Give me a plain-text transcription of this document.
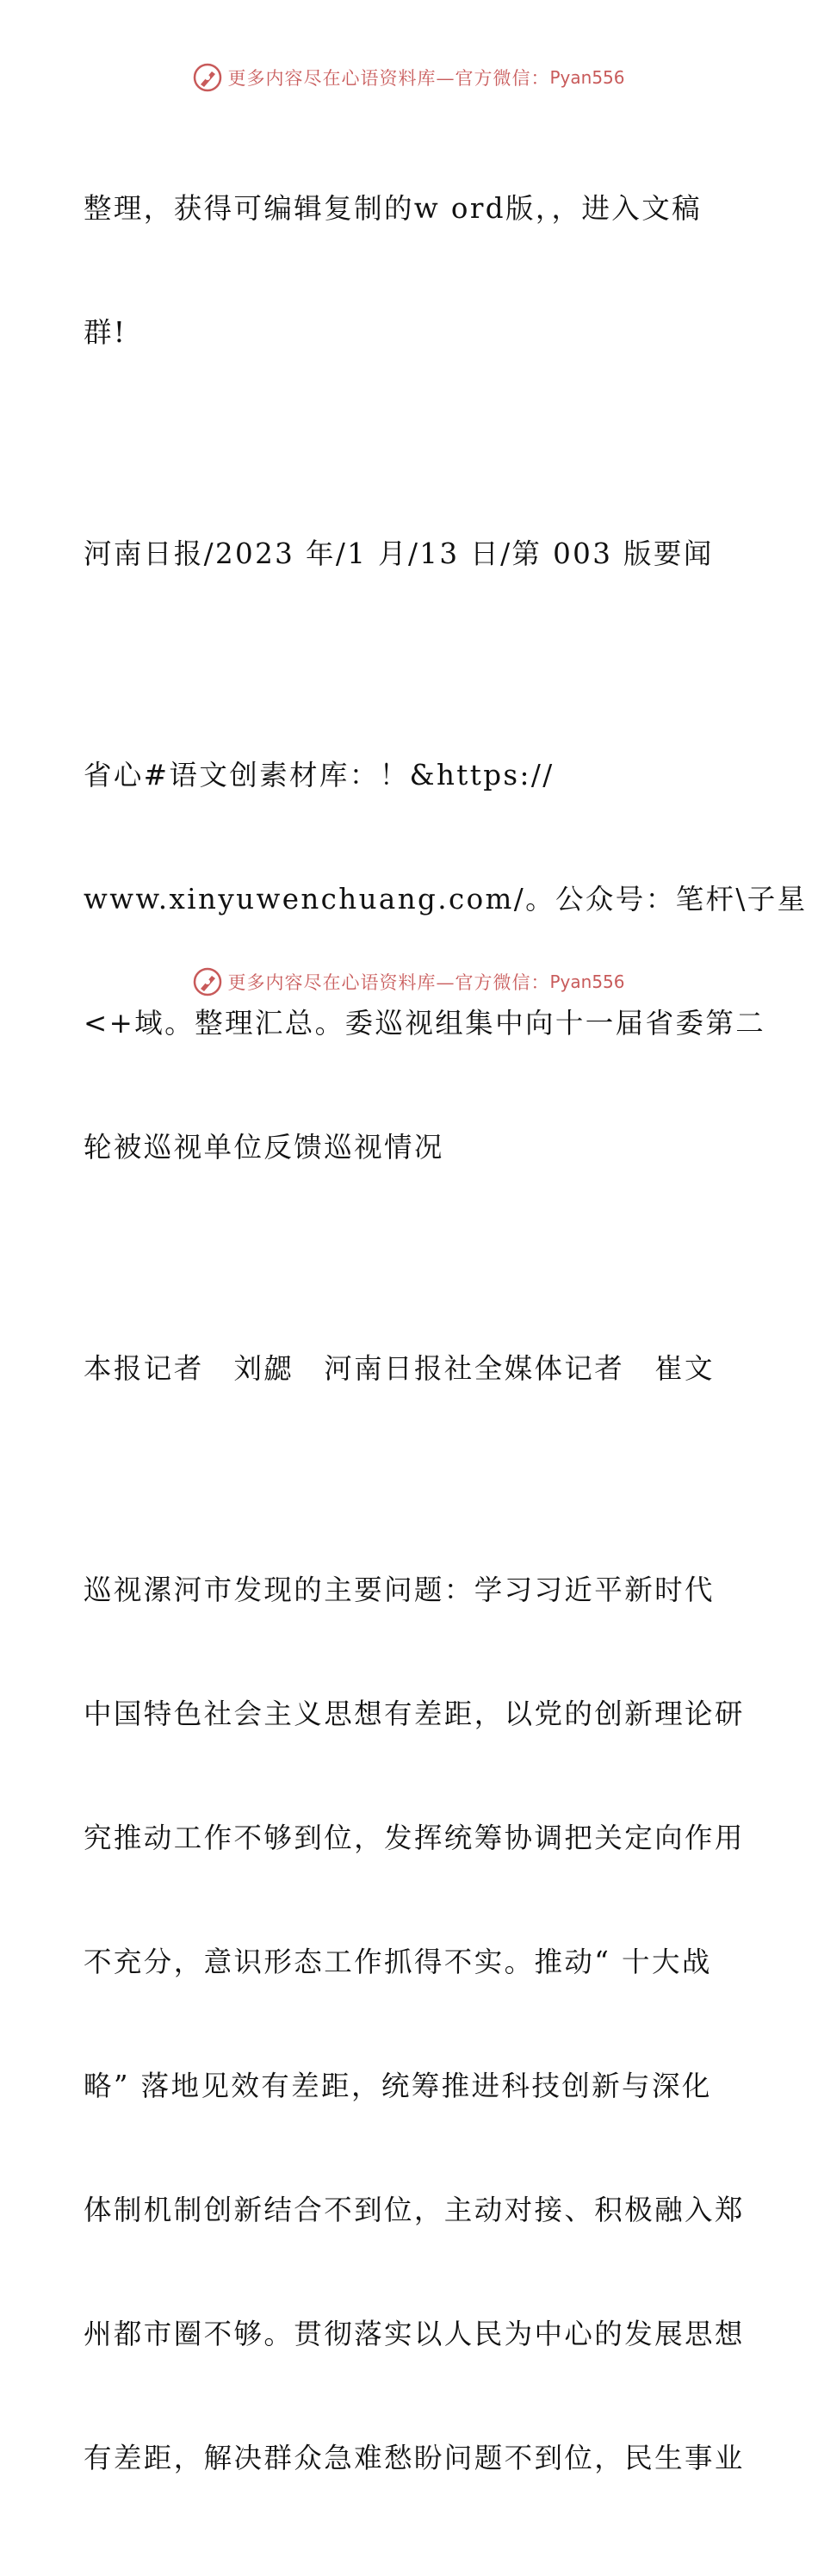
更多内容尽在心语资料库—官方微信： Pyan556

整理，获得可编辑复制的w ord版，，进入文稿

群!

河南日报/2023 年/1 月/13 日/第 003 版要闻

省心#语文创素材库：！&https://

www.xinyuwenchuang.com/。公众号：笔杆\子星

<+域。整理汇总。委巡视组集中向十一届省委第二

轮被巡视单位反馈巡视情况

本报记者　刘勰　河南日报社全媒体记者　崔文

巡视漯河市发现的主要问题：学习习近平新时代

中国特色社会主义思想有差距，以党的创新理论研

究推动工作不够到位，发挥统筹协调把关定向作用

不充分，意识形态工作抓得不实。推动“ 十大战

略” 落地见效有差距，统筹推进科技创新与深化

体制机制创新结合不到位，主动对接、积极融入郑

州都市圈不够。贯彻落实以人民为中心的发展思想

有差距，解决群众急难愁盼问题不到位，民生事业

更多内容尽在心语资料库—官方微信： Pyan556
